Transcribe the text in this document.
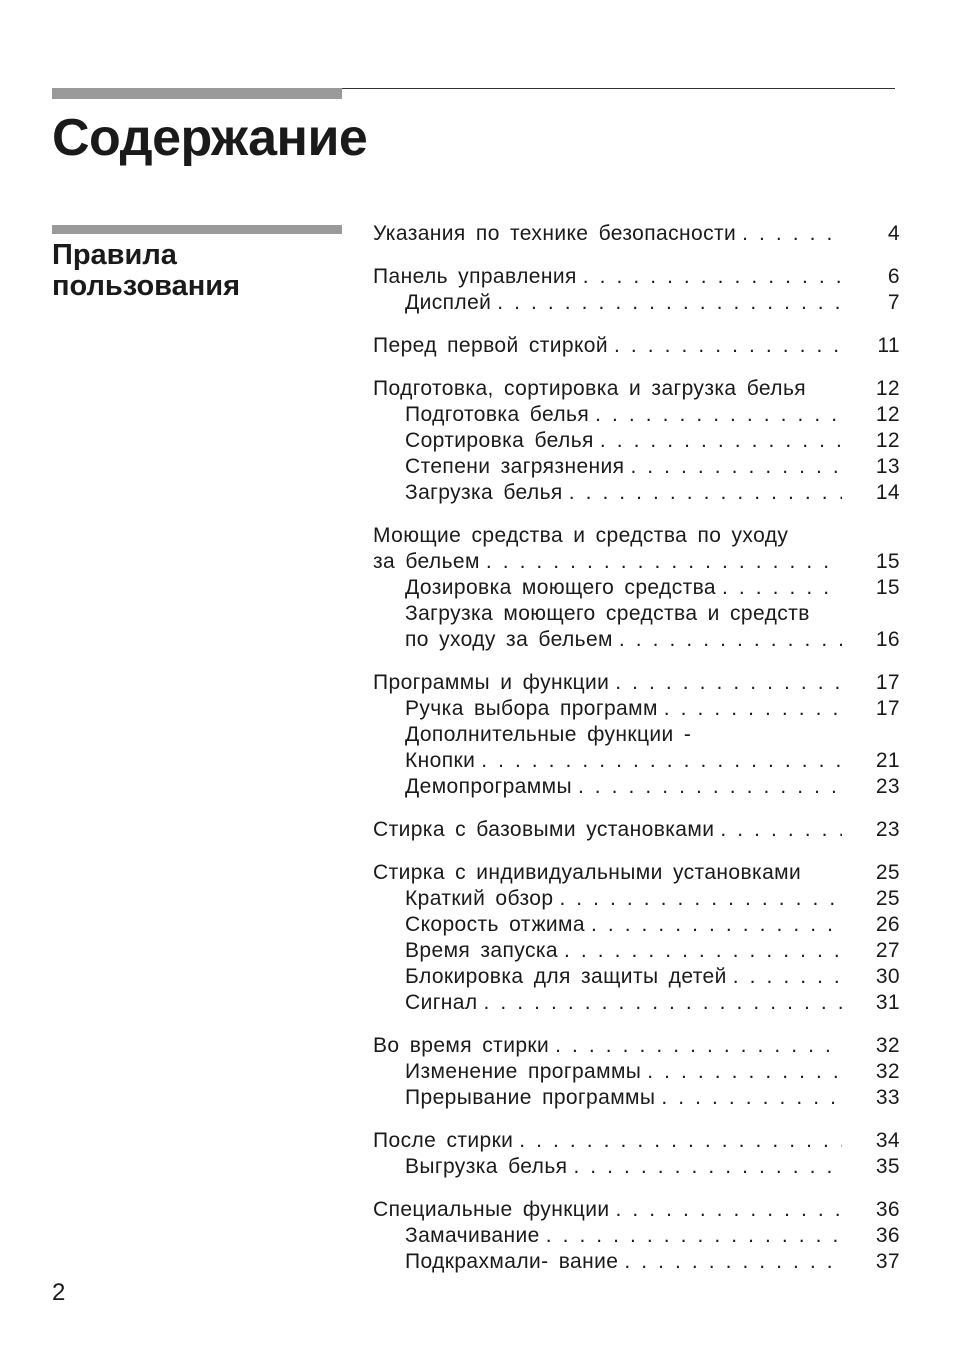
Содержание
Правила пользования
Указания по технике безопасности . . .	4
Панель управления . . .	6
Дисплей . . .	7
Перед первой стиркой . . .	11
Подготовка, сортировка и загрузка белья	12
Подготовка белья . . .	12
Сортировка белья . . .	12
Степени загрязнения . . .	13
Загрузка белья . . .	14
Моющие средства и средства по уходу
за бельем . . .	15
Дозировка моющего средства . . .	15
Загрузка моющего средства и средств
по уходу за бельем . . .	16
Программы и функции . . .	17
Ручка выбора программ . . .	17
Дополнительные функции -
Кнопки . . .	21
Демопрограммы . . .	23
Стирка с базовыми установками . . .	23
Стирка с индивидуальными установками	25
Краткий обзор . . .	25
Скорость отжима . . .	26
Время запуска . . .	27
Блокировка для защиты детей . . .	30
Сигнал . . .	31
Во время стирки . . .	32
Изменение программы . . .	32
Прерывание программы . . .	33
После стирки . . .	34
Выгрузка белья . . .	35
Специальные функции . . .	36
Замачивание . . .	36
Подкрахмали- вание . . .	37
2
